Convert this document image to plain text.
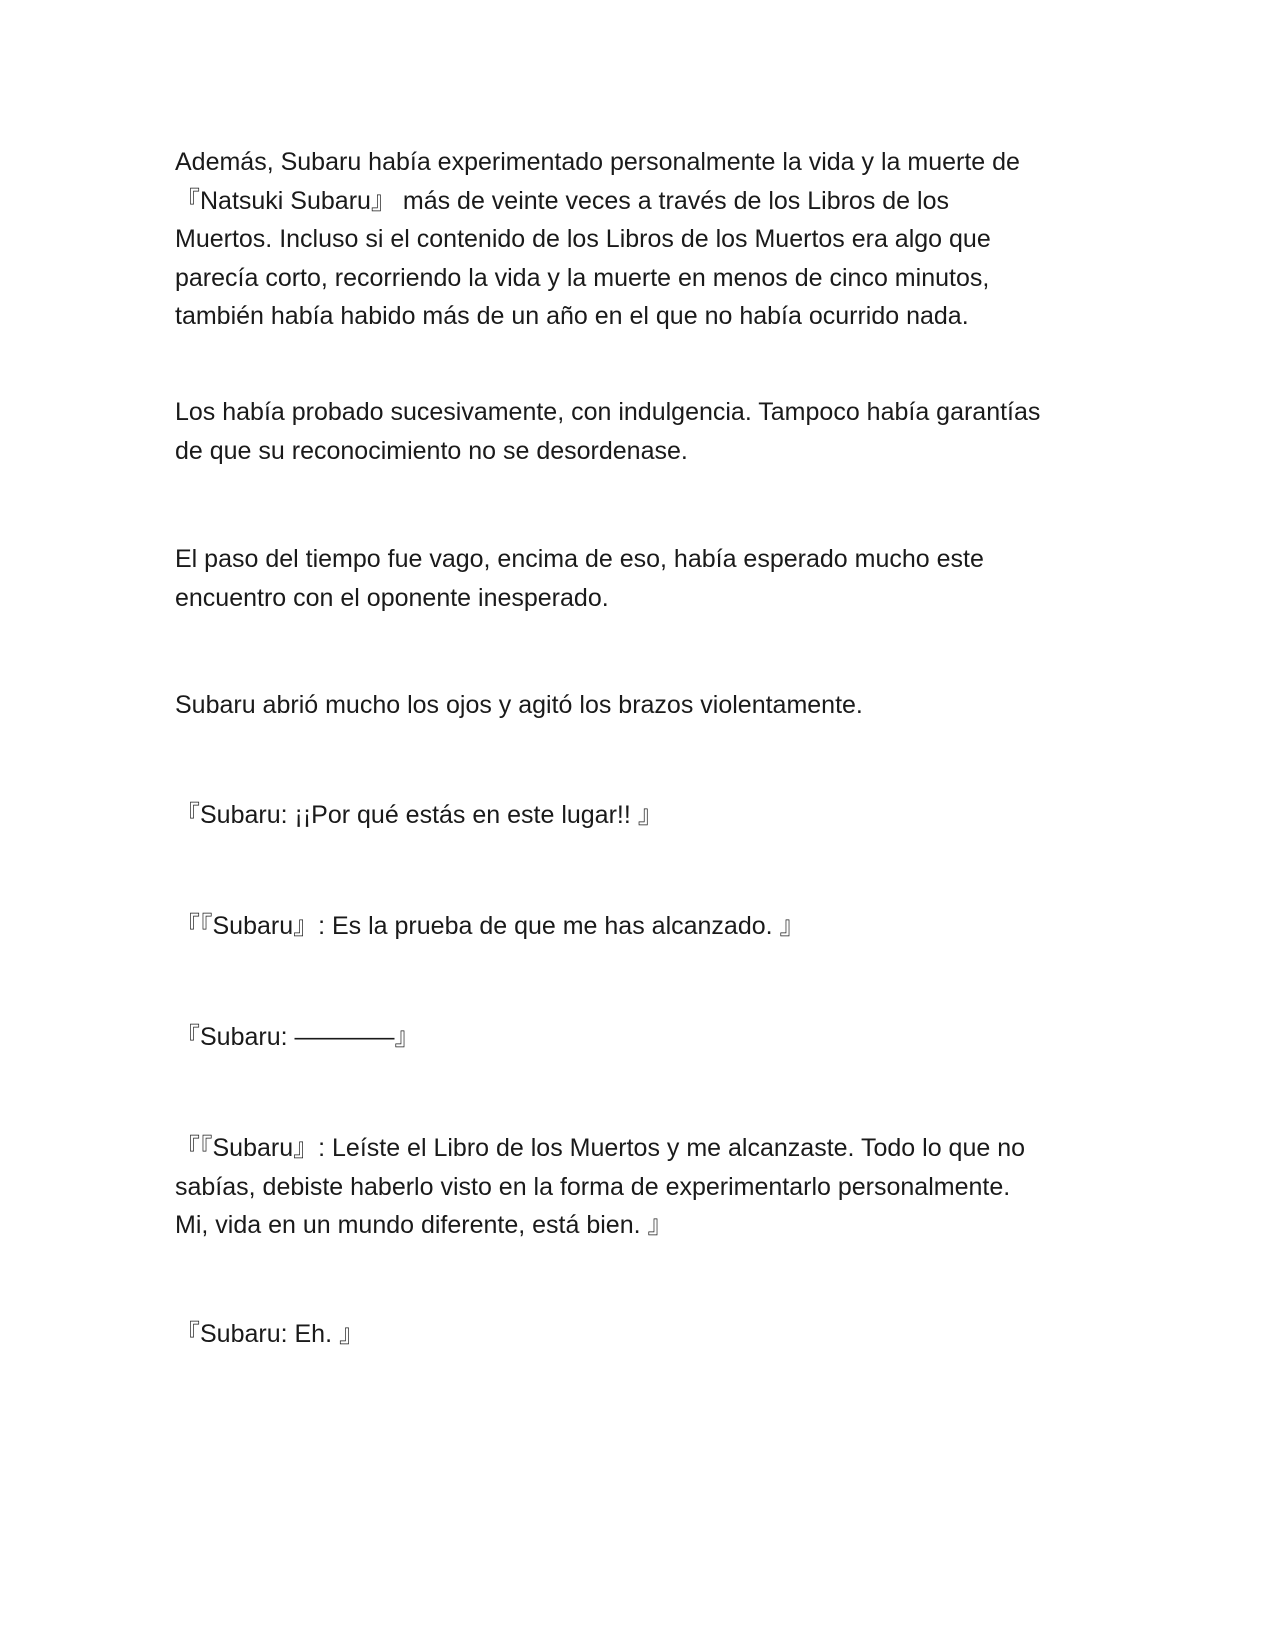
Además, Subaru había experimentado personalmente la vida y la muerte de
『Natsuki Subaru』 más de veinte veces a través de los Libros de los
Muertos. Incluso si el contenido de los Libros de los Muertos era algo que
parecía corto, recorriendo la vida y la muerte en menos de cinco minutos,
también había habido más de un año en el que no había ocurrido nada.

Los había probado sucesivamente, con indulgencia. Tampoco había garantías
de que su reconocimiento no se desordenase.

El paso del tiempo fue vago, encima de eso, había esperado mucho este
encuentro con el oponente inesperado.

Subaru abrió mucho los ojos y agitó los brazos violentamente.

『Subaru: ¡¡Por qué estás en este lugar!! 』

『『Subaru』: Es la prueba de que me has alcanzado. 』

『Subaru: ————』

『『Subaru』: Leíste el Libro de los Muertos y me alcanzaste. Todo lo que no
sabías, debiste haberlo visto en la forma de experimentarlo personalmente.
Mi, vida en un mundo diferente, está bien. 』

『Subaru: Eh. 』
